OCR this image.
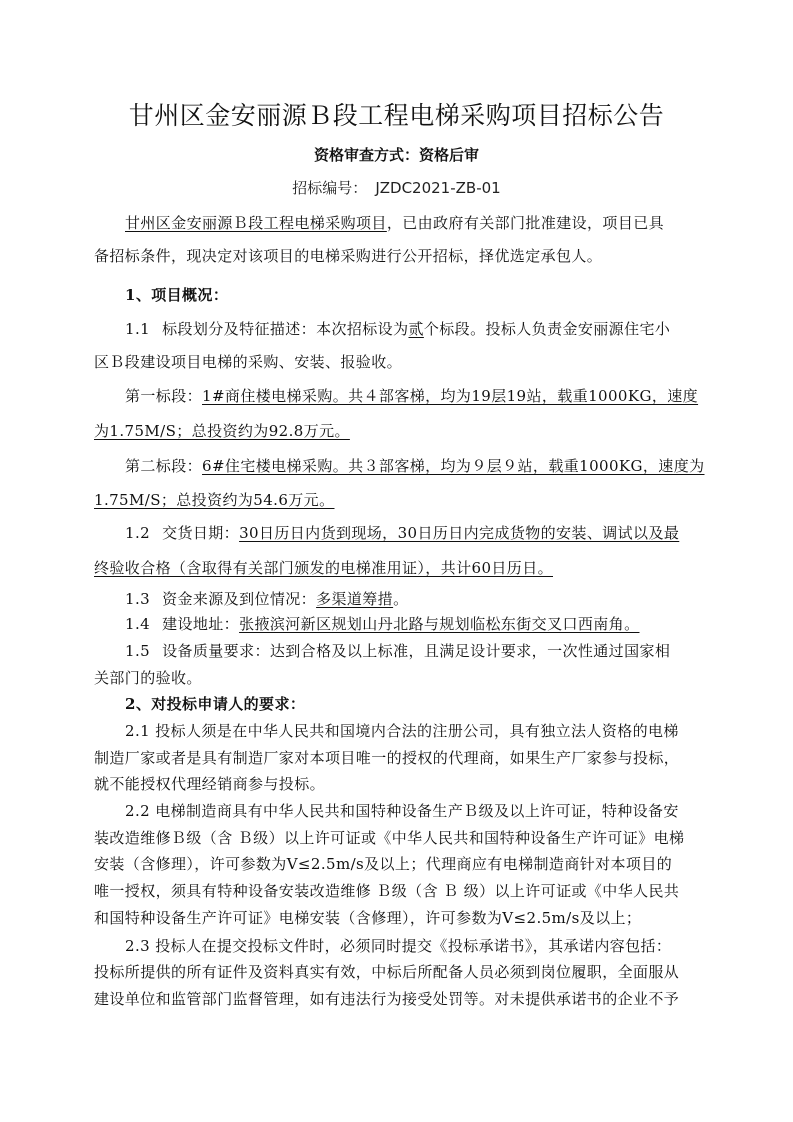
甘州区金安丽源Ｂ段工程电梯采购项目招标公告
资格审查方式：资格后审
招标编号： JZDC2021-ZB-01
甘州区金安丽源Ｂ段工程电梯采购项目，已由政府有关部门批准建设，项目已具
备招标条件，现决定对该项目的电梯采购进行公开招标，择优选定承包人。
1、项目概况：
1.1 标段划分及特征描述：本次招标设为贰个标段。投标人负责金安丽源住宅小
区Ｂ段建设项目电梯的采购、安装、报验收。
第一标段：1#商住楼电梯采购。共４部客梯，均为19层19站，载重1000KG，速度
为1.75M/S；总投资约为92.8万元。
第二标段：6#住宅楼电梯采购。共３部客梯，均为９层９站，载重1000KG，速度为
1.75M/S；总投资约为54.6万元。
1.2 交货日期：30日历日内货到现场，30日历日内完成货物的安装、调试以及最
终验收合格（含取得有关部门颁发的电梯准用证），共计60日历日。
1.3 资金来源及到位情况：多渠道筹措。
1.4 建设地址：张掖滨河新区规划山丹北路与规划临松东街交叉口西南角。
1.5 设备质量要求：达到合格及以上标准，且满足设计要求，一次性通过国家相
关部门的验收。
2、对投标申请人的要求：
2.1 投标人须是在中华人民共和国境内合法的注册公司，具有独立法人资格的电梯
制造厂家或者是具有制造厂家对本项目唯一的授权的代理商，如果生产厂家参与投标，
就不能授权代理经销商参与投标。
2.2 电梯制造商具有中华人民共和国特种设备生产Ｂ级及以上许可证，特种设备安
装改造维修Ｂ级（含 Ｂ级）以上许可证或《中华人民共和国特种设备生产许可证》电梯
安装（含修理），许可参数为V≤2.5m/s及以上；代理商应有电梯制造商针对本项目的
唯一授权，须具有特种设备安装改造维修 Ｂ级（含 Ｂ 级）以上许可证或《中华人民共
和国特种设备生产许可证》电梯安装（含修理），许可参数为V≤2.5m/s及以上；
2.3 投标人在提交投标文件时，必须同时提交《投标承诺书》，其承诺内容包括：
投标所提供的所有证件及资料真实有效，中标后所配备人员必须到岗位履职，全面服从
建设单位和监管部门监督管理，如有违法行为接受处罚等。对未提供承诺书的企业不予
